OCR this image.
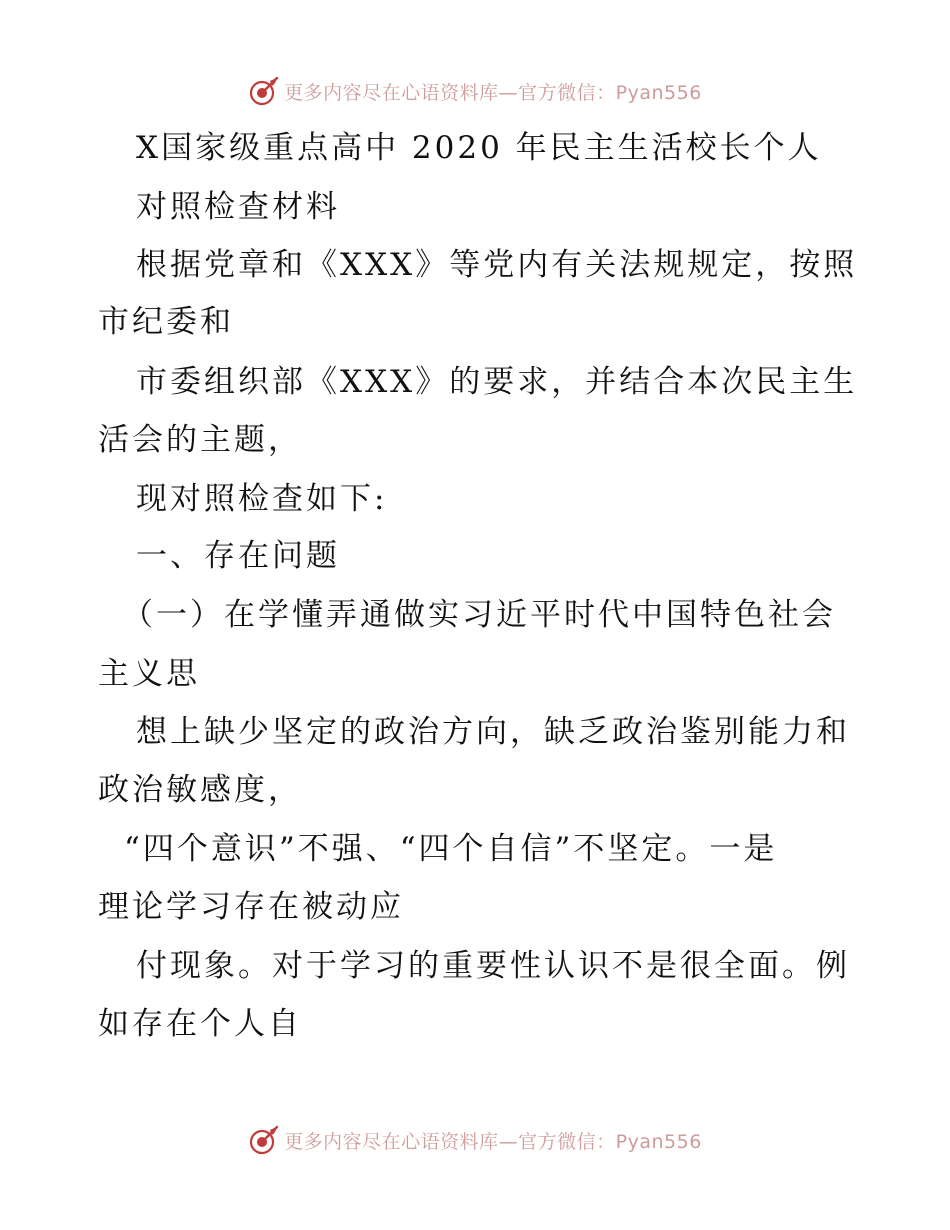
更多内容尽在心语资料库—官方微信：Pyan556
X国家级重点高中 2020 年民主生活校长个人
对照检查材料
根据党章和《XXX》等党内有关法规规定，按照
市纪委和
市委组织部《XXX》的要求，并结合本次民主生
活会的主题，
现对照检查如下:
一、存在问题
（一）在学懂弄通做实习近平时代中国特色社会
主义思
想上缺少坚定的政治方向，缺乏政治鉴别能力和
政治敏感度，
“四个意识”不强、“四个自信”不坚定。一是
理论学习存在被动应
付现象。对于学习的重要性认识不是很全面。例
如存在个人自
更多内容尽在心语资料库—官方微信：Pyan556
